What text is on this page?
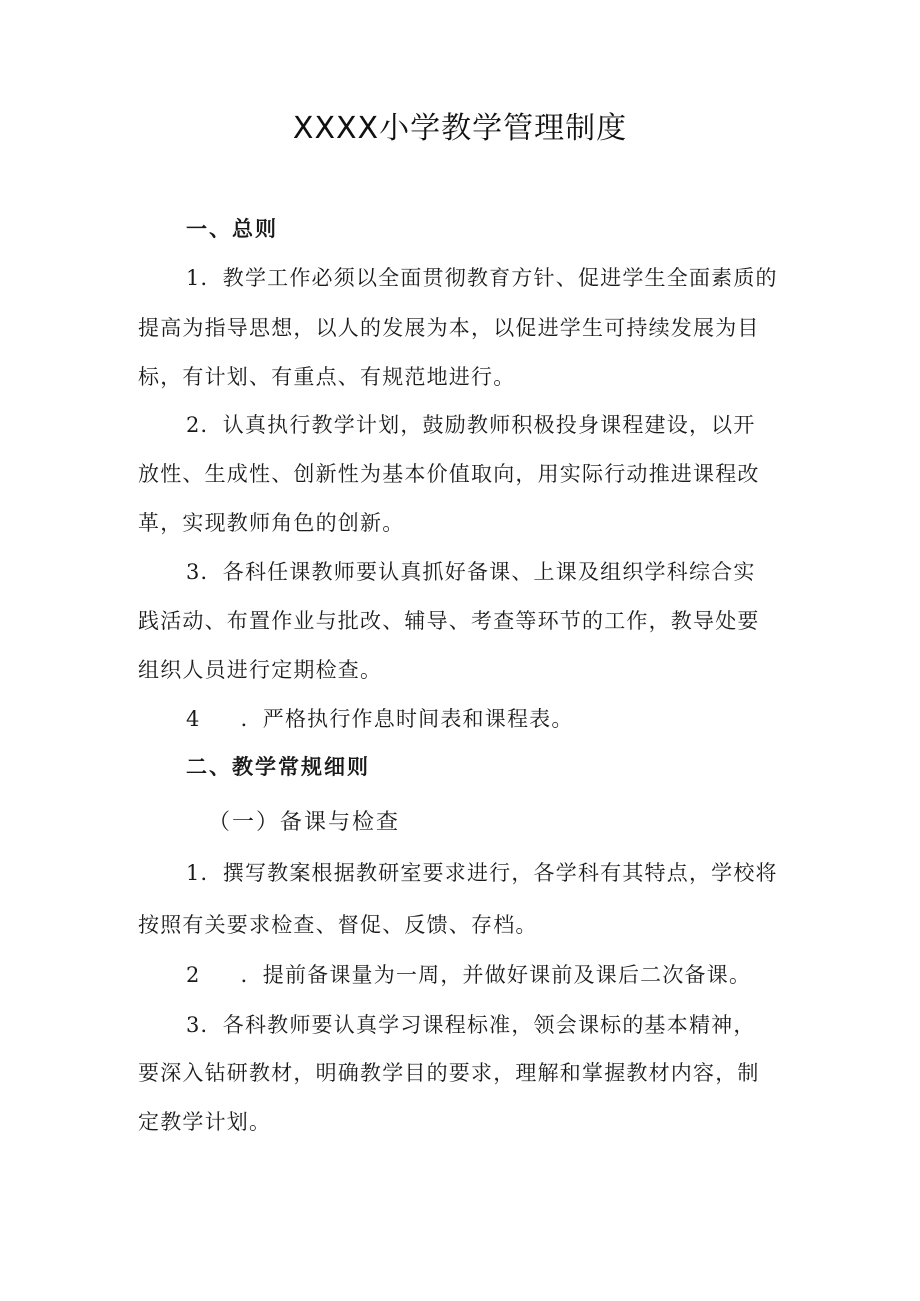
XXXX小学教学管理制度
一、总则
1．教学工作必须以全面贯彻教育方针、促进学生全面素质的
提高为指导思想，以人的发展为本，以促进学生可持续发展为目
标，有计划、有重点、有规范地进行。
2．认真执行教学计划，鼓励教师积极投身课程建设，以开
放性、生成性、创新性为基本价值取向，用实际行动推进课程改
革，实现教师角色的创新。
3．各科任课教师要认真抓好备课、上课及组织学科综合实
践活动、布置作业与批改、辅导、考查等环节的工作，教导处要
组织人员进行定期检查。
4 ．严格执行作息时间表和课程表。
二、教学常规细则
（一）备课与检查
1．撰写教案根据教研室要求进行，各学科有其特点，学校将
按照有关要求检查、督促、反馈、存档。
2 ．提前备课量为一周，并做好课前及课后二次备课。
3．各科教师要认真学习课程标准，领会课标的基本精神，
要深入钻研教材，明确教学目的要求，理解和掌握教材内容，制
定教学计划。
